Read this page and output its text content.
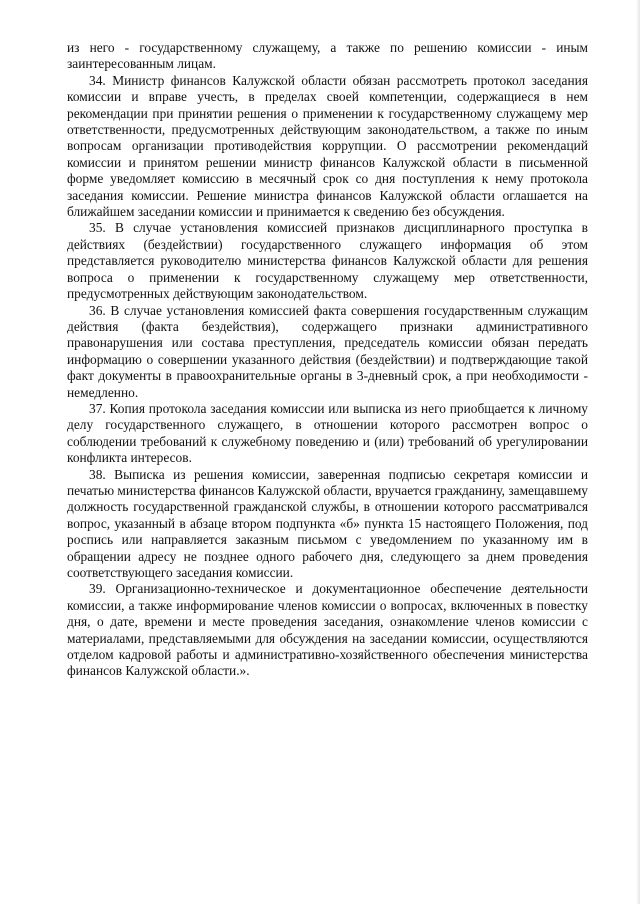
из него - государственному служащему, а также по решению комиссии - иным заинтересованным лицам.

34. Министр финансов Калужской области обязан рассмотреть протокол заседания комиссии и вправе учесть, в пределах своей компетенции, содержащиеся в нем рекомендации при принятии решения о применении к государственному служащему мер ответственности, предусмотренных действующим законодательством, а также по иным вопросам организации противодействия коррупции. О рассмотрении рекомендаций комиссии и принятом решении министр финансов Калужской области в письменной форме уведомляет комиссию в месячный срок со дня поступления к нему протокола заседания комиссии. Решение министра финансов Калужской области оглашается на ближайшем заседании комиссии и принимается к сведению без обсуждения.

35. В случае установления комиссией признаков дисциплинарного проступка в действиях (бездействии) государственного служащего информация об этом представляется руководителю министерства финансов Калужской области для решения вопроса о применении к государственному служащему мер ответственности, предусмотренных действующим законодательством.

36. В случае установления комиссией факта совершения государственным служащим действия (факта бездействия), содержащего признаки административного правонарушения или состава преступления, председатель комиссии обязан передать информацию о совершении указанного действия (бездействии) и подтверждающие такой факт документы в правоохранительные органы в 3-дневный срок, а при необходимости - немедленно.

37. Копия протокола заседания комиссии или выписка из него приобщается к личному делу государственного служащего, в отношении которого рассмотрен вопрос о соблюдении требований к служебному поведению и (или) требований об урегулировании конфликта интересов.

38. Выписка из решения комиссии, заверенная подписью секретаря комиссии и печатью министерства финансов Калужской области, вручается гражданину, замещавшему должность государственной гражданской службы, в отношении которого рассматривался вопрос, указанный в абзаце втором подпункта «б» пункта 15 настоящего Положения, под роспись или направляется заказным письмом с уведомлением по указанному им в обращении адресу не позднее одного рабочего дня, следующего за днем проведения соответствующего заседания комиссии.

39. Организационно-техническое и документационное обеспечение деятельности комиссии, а также информирование членов комиссии о вопросах, включенных в повестку дня, о дате, времени и месте проведения заседания, ознакомление членов комиссии с материалами, представляемыми для обсуждения на заседании комиссии, осуществляются отделом кадровой работы и административно-хозяйственного обеспечения министерства финансов Калужской области.».
